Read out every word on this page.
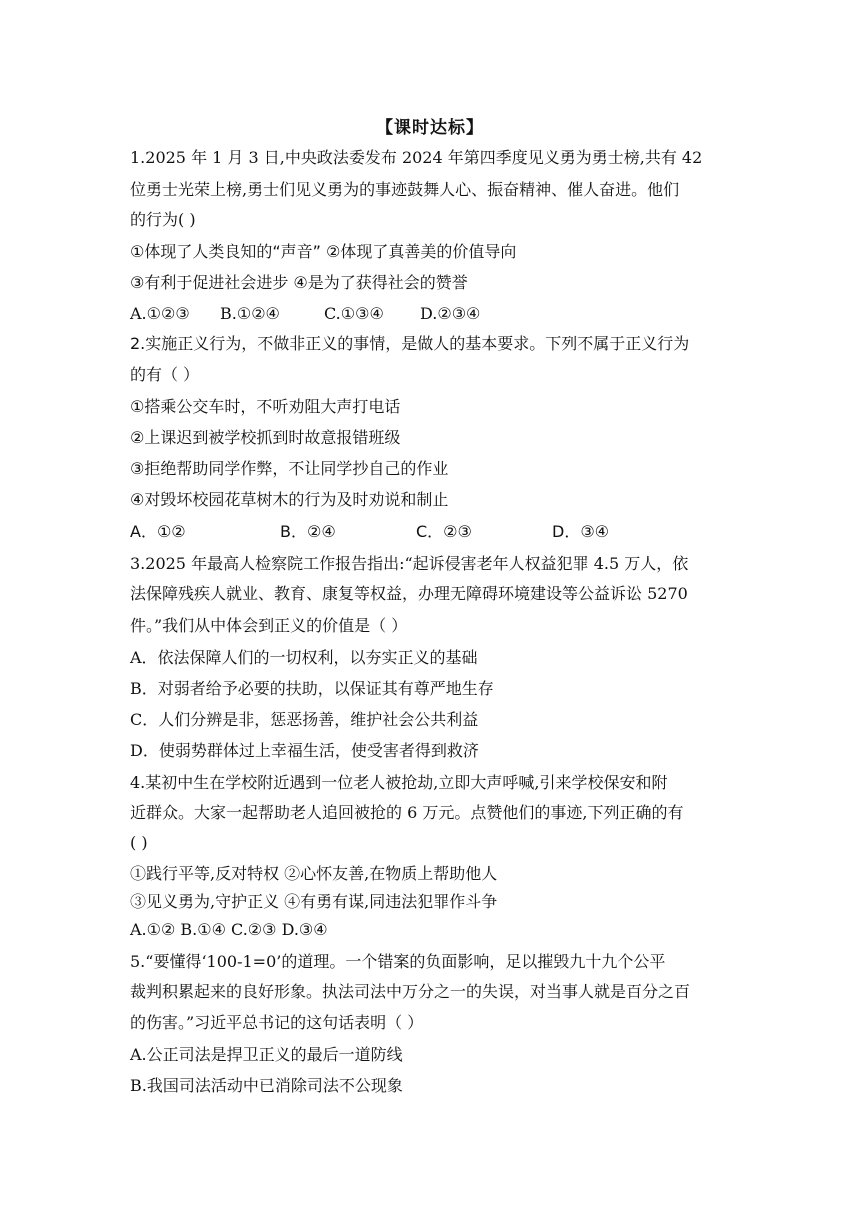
【课时达标】
1.2025 年 1 月 3 日,中央政法委发布 2024 年第四季度见义勇为勇士榜,共有 42
位勇士光荣上榜,勇士们见义勇为的事迹鼓舞人心、振奋精神、催人奋进。他们
的行为( )
①体现了人类良知的“声音” ②体现了真善美的价值导向
③有利于促进社会进步 ④是为了获得社会的赞誉
A.①②③ B.①②④	C.①③④ D.②③④
2.实施正义行为，不做非正义的事情，是做人的基本要求。下列不属于正义行为
的有（ ）
①搭乘公交车时，不听劝阻大声打电话
②上课迟到被学校抓到时故意报错班级
③拒绝帮助同学作弊，不让同学抄自己的作业
④对毁坏校园花草树木的行为及时劝说和制止
A．①②	B．②④	C．②③	D．③④
3.2025 年最高人检察院工作报告指出:“起诉侵害老年人权益犯罪 4.5 万人，依
法保障残疾人就业、教育、康复等权益，办理无障碍环境建设等公益诉讼 5270
件。”我们从中体会到正义的价值是（ ）
A．依法保障人们的一切权利，以夯实正义的基础
B．对弱者给予必要的扶助，以保证其有尊严地生存
C．人们分辨是非，惩恶扬善，维护社会公共利益
D．使弱势群体过上幸福生活，使受害者得到救济
4.某初中生在学校附近遇到一位老人被抢劫,立即大声呼喊,引来学校保安和附
近群众。大家一起帮助老人追回被抢的 6 万元。点赞他们的事迹,下列正确的有
( )
①践行平等,反对特权 ②心怀友善,在物质上帮助他人
③见义勇为,守护正义 ④有勇有谋,同违法犯罪作斗争
A.①② B.①④ C.②③ D.③④
5.“要懂得‘100-1=0’的道理。一个错案的负面影响，足以摧毁九十九个公平
裁判积累起来的良好形象。执法司法中万分之一的失误，对当事人就是百分之百
的伤害。”习近平总书记的这句话表明（ ）
A.公正司法是捍卫正义的最后一道防线
B.我国司法活动中已消除司法不公现象
